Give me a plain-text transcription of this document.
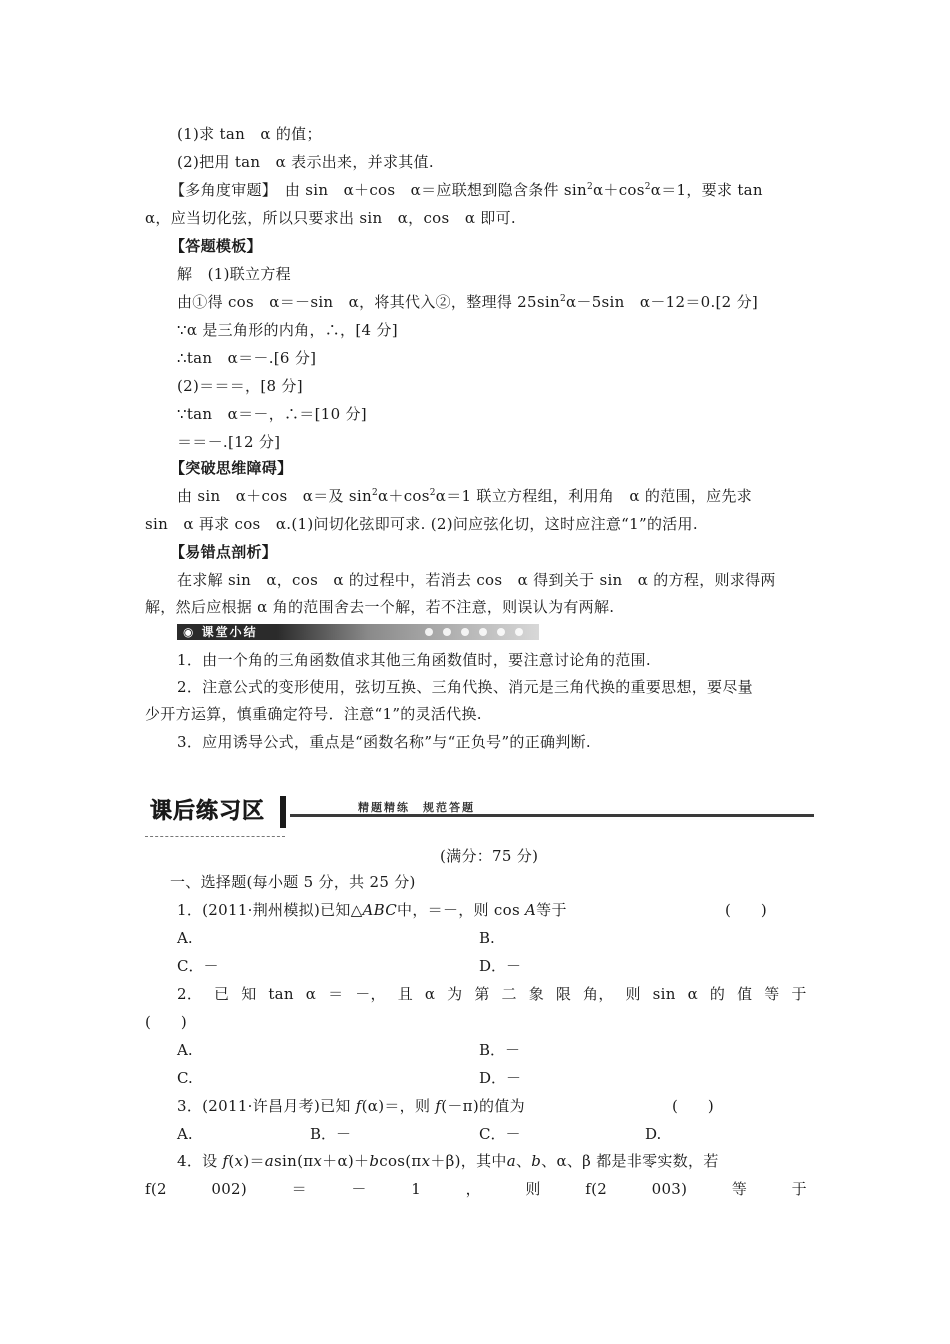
(1)求 tan　α 的值；
(2)把用 tan　α 表示出来，并求其值.
【多角度审题】　由 sin　α＋cos　α＝应联想到隐含条件 $\sin^2\alpha+\cos^2\alpha=1$，要求 tan
α，应当切化弦，所以只要求出 sin　α，cos　α 即可.
【答题模板】
解　(1)联立方程
由①得 cos　α＝－sin　α，将其代入②，整理得 $25\sin^2\alpha-5\sin$　α－12＝0.[2 分]
∵α 是三角形的内角，∴，[4 分]
∴tan　α＝－.[6 分]
(2)＝＝＝，[8 分]
∵tan　α＝－，∴＝[10 分]
＝＝－.[12 分]
【突破思维障碍】
由 sin　α＋cos　α＝及 $\sin^2\alpha+\cos^2\alpha=1$ 联立方程组，利用角　α 的范围，应先求
sin　α 再求 cos　α.(1)问切化弦即可求. (2)问应弦化切，这时应注意“1”的活用.
【易错点剖析】
在求解 sin　α，cos　α 的过程中，若消去 cos　α 得到关于 sin　α 的方程，则求得两
解，然后应根据 α 角的范围舍去一个解，若不注意，则误认为有两解.
◉ 课堂小结
1．由一个角的三角函数值求其他三角函数值时，要注意讨论角的范围.
2．注意公式的变形使用，弦切互换、三角代换、消元是三角代换的重要思想，要尽量
少开方运算，慎重确定符号．注意“1”的灵活代换.
3．应用诱导公式，重点是“函数名称”与“正负号”的正确判断.
课后练习区	精题精练　规范答题
(满分：75 分)
一、选择题(每小题 5 分，共 25 分)
1．(2011·荆州模拟)已知△ABC中，＝－，则 cos A等于	(　　)
A.	B.
C．－	D．－
2． 已 知 tan α ＝ －， 且 α 为 第 二 象 限 角， 则 sin α 的 值 等 于
(　　)
A.	B．－
C.	D．－
3．(2011·许昌月考)已知 f(α)＝，则 f(－π)的值为	(　　)
A.	B．－	C．－	D.
4．设 f(x)＝asin(πx＋α)＋bcos(πx＋β)，其中a、b、α、β 都是非零实数，若
f(2	002)	＝	－	1	，	则	f(2	003)	等	于
